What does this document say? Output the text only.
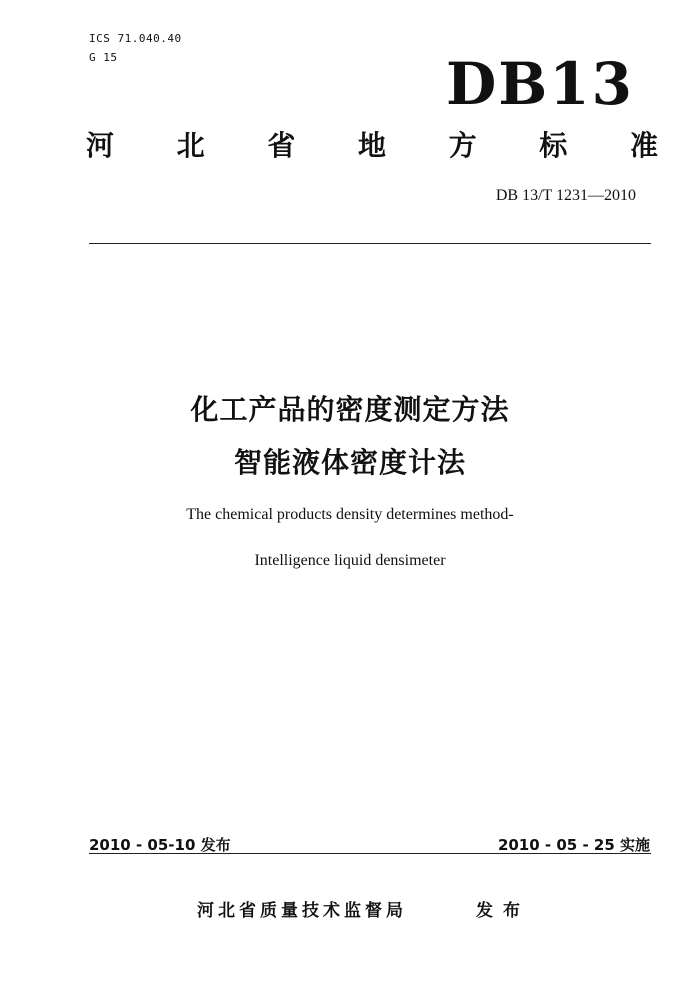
ICS 71.040.40
G 15	DB13
河 北 省 地 方 标 准
DB 13/T 1231—2010
化工产品的密度测定方法
智能液体密度计法
The chemical products density determines method-
Intelligence liquid densimeter
2010 - 05-10 发布	2010 - 05 - 25 实施
河北省质量技术监督局	发布
